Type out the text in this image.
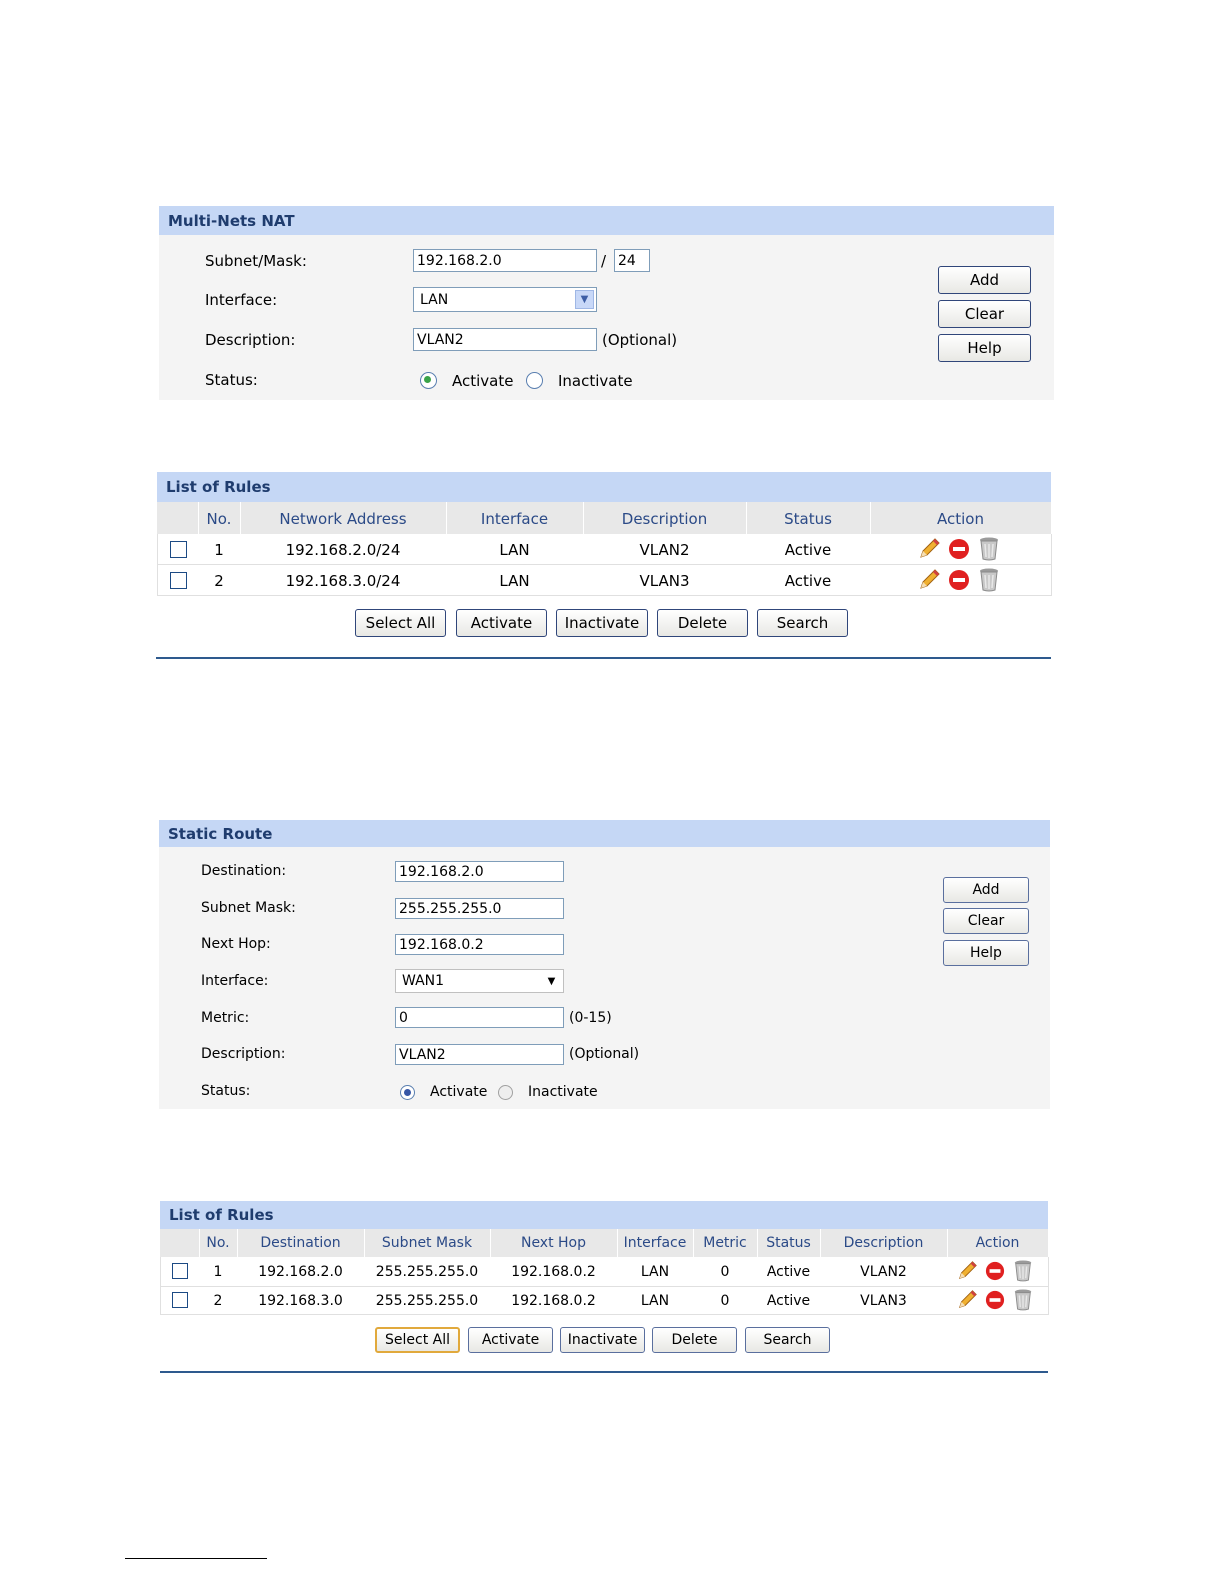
Multi-Nets NAT
Subnet/Mask:
192.168.2.0	/
24
Interface:	LAN	▼
Description:
VLAN2	(Optional)
Status:	Activate	Inactivate
Add
Clear
Help
List of Rules
No.	Network Address	Interface	Description	Status	Action
1	192.168.2.0/24	LAN	VLAN2	Active
2	192.168.3.0/24	LAN	VLAN3	Active
Select All	Activate	Inactivate	Delete	Search
Static Route
Destination:
192.168.2.0
Subnet Mask:
255.255.255.0
Next Hop:
192.168.0.2
Interface:	WAN1	▼
Metric:
0	(0-15)
Description:
VLAN2	(Optional)
Status:	Activate	Inactivate
Add
Clear
Help
List of Rules
No.	Destination	Subnet Mask	Next Hop	Interface	Metric	Status	Description	Action
1	192.168.2.0	255.255.255.0	192.168.0.2	LAN	0	Active	VLAN2
2	192.168.3.0	255.255.255.0	192.168.0.2	LAN	0	Active	VLAN3
Select All	Activate	Inactivate	Delete	Search
